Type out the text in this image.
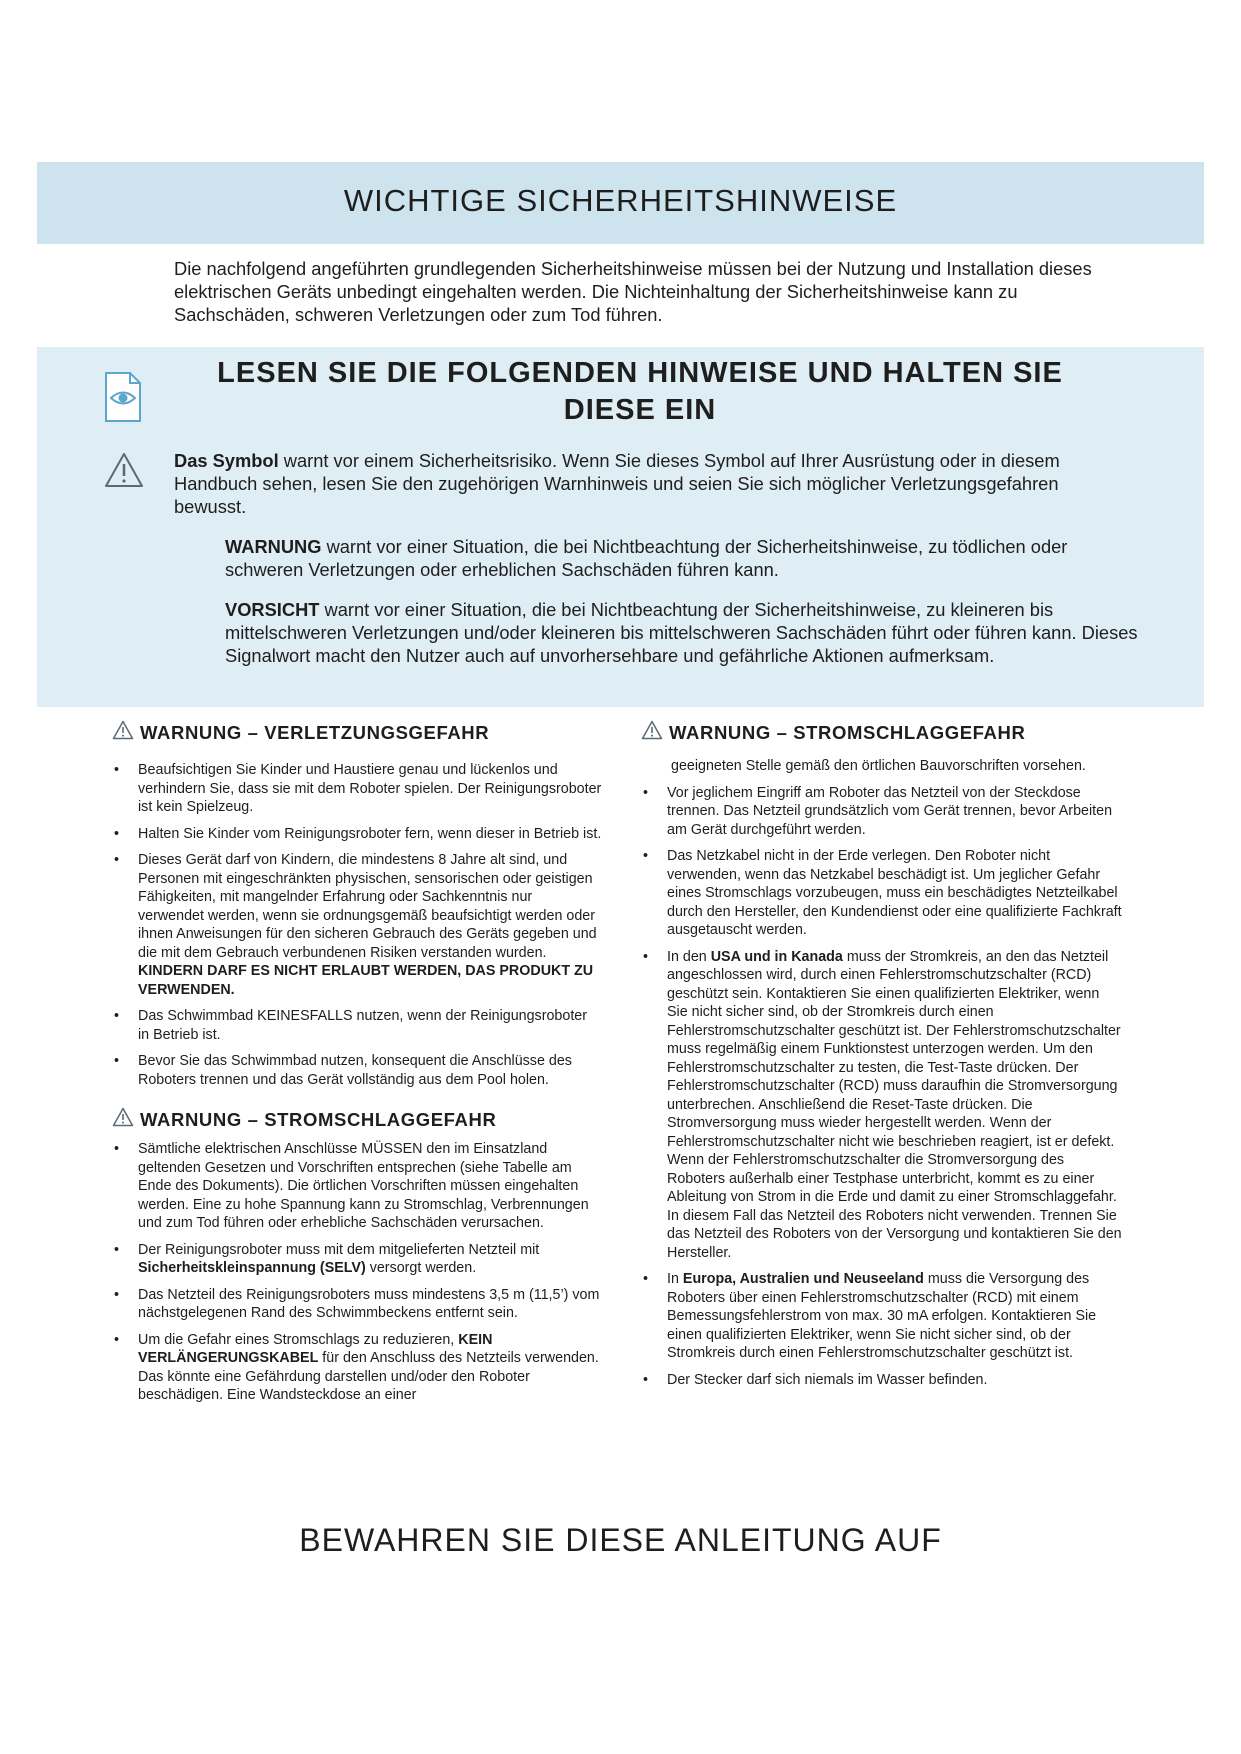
WICHTIGE SICHERHEITSHINWEISE

Die nachfolgend angeführten grundlegenden Sicherheitshinweise müssen bei der Nutzung und Installation dieses elektrischen Geräts unbedingt eingehalten werden. Die Nichteinhaltung der Sicherheitshinweise kann zu Sachschäden, schweren Verletzungen oder zum Tod führen.

LESEN SIE DIE FOLGENDEN HINWEISE UND HALTEN SIE DIESE EIN

Das Symbol warnt vor einem Sicherheitsrisiko. Wenn Sie dieses Symbol auf Ihrer Ausrüstung oder in diesem Handbuch sehen, lesen Sie den zugehörigen Warnhinweis und seien Sie sich möglicher Verletzungsgefahren bewusst.

WARNUNG warnt vor einer Situation, die bei Nichtbeachtung der Sicherheitshinweise, zu tödlichen oder schweren Verletzungen oder erheblichen Sachschäden führen kann.

VORSICHT warnt vor einer Situation, die bei Nichtbeachtung der Sicherheitshinweise, zu kleineren bis mittelschweren Verletzungen und/oder kleineren bis mittelschweren Sachschäden führt oder führen kann. Dieses Signalwort macht den Nutzer auch auf unvorhersehbare und gefährliche Aktionen aufmerksam.

WARNUNG – VERLETZUNGSGEFAHR
• Beaufsichtigen Sie Kinder und Haustiere genau und lückenlos und verhindern Sie, dass sie mit dem Roboter spielen. Der Reinigungsroboter ist kein Spielzeug.
• Halten Sie Kinder vom Reinigungsroboter fern, wenn dieser in Betrieb ist.
• Dieses Gerät darf von Kindern, die mindestens 8 Jahre alt sind, und Personen mit eingeschränkten physischen, sensorischen oder geistigen Fähigkeiten, mit mangelnder Erfahrung oder Sachkenntnis nur verwendet werden, wenn sie ordnungsgemäß beaufsichtigt werden oder ihnen Anweisungen für den sicheren Gebrauch des Geräts gegeben und die mit dem Gebrauch verbundenen Risiken verstanden wurden. KINDERN DARF ES NICHT ERLAUBT WERDEN, DAS PRODUKT ZU VERWENDEN.
• Das Schwimmbad KEINESFALLS nutzen, wenn der Reinigungsroboter in Betrieb ist.
• Bevor Sie das Schwimmbad nutzen, konsequent die Anschlüsse des Roboters trennen und das Gerät vollständig aus dem Pool holen.
WARNUNG – STROMSCHLAGGEFAHR
• Sämtliche elektrischen Anschlüsse MÜSSEN den im Einsatzland geltenden Gesetzen und Vorschriften entsprechen (siehe Tabelle am Ende des Dokuments). Die örtlichen Vorschriften müssen eingehalten werden. Eine zu hohe Spannung kann zu Stromschlag, Verbrennungen und zum Tod führen oder erhebliche Sachschäden verursachen.
• Der Reinigungsroboter muss mit dem mitgelieferten Netzteil mit Sicherheitskleinspannung (SELV) versorgt werden.
• Das Netzteil des Reinigungsroboters muss mindestens 3,5 m (11,5’) vom nächstgelegenen Rand des Schwimmbeckens entfernt sein.
• Um die Gefahr eines Stromschlags zu reduzieren, KEIN VERLÄNGERUNGSKABEL für den Anschluss des Netzteils verwenden. Das könnte eine Gefährdung darstellen und/oder den Roboter beschädigen. Eine Wandsteckdose an einer
WARNUNG – STROMSCHLAGGEFAHR
geeigneten Stelle gemäß den örtlichen Bauvorschriften vorsehen.
• Vor jeglichem Eingriff am Roboter das Netzteil von der Steckdose trennen. Das Netzteil grundsätzlich vom Gerät trennen, bevor Arbeiten am Gerät durchgeführt werden.
• Das Netzkabel nicht in der Erde verlegen. Den Roboter nicht verwenden, wenn das Netzkabel beschädigt ist. Um jeglicher Gefahr eines Stromschlags vorzubeugen, muss ein beschädigtes Netzteilkabel durch den Hersteller, den Kundendienst oder eine qualifizierte Fachkraft ausgetauscht werden.
• In den USA und in Kanada muss der Stromkreis, an den das Netzteil angeschlossen wird, durch einen Fehlerstromschutzschalter (RCD) geschützt sein. Kontaktieren Sie einen qualifizierten Elektriker, wenn Sie nicht sicher sind, ob der Stromkreis durch einen Fehlerstromschutzschalter geschützt ist. Der Fehlerstromschutzschalter muss regelmäßig einem Funktionstest unterzogen werden. Um den Fehlerstromschutzschalter zu testen, die Test-Taste drücken. Der Fehlerstromschutzschalter (RCD) muss daraufhin die Stromversorgung unterbrechen. Anschließend die Reset-Taste drücken. Die Stromversorgung muss wieder hergestellt werden. Wenn der Fehlerstromschutzschalter nicht wie beschrieben reagiert, ist er defekt. Wenn der Fehlerstromschutzschalter die Stromversorgung des Roboters außerhalb einer Testphase unterbricht, kommt es zu einer Ableitung von Strom in die Erde und damit zu einer Stromschlaggefahr. In diesem Fall das Netzteil des Roboters nicht verwenden. Trennen Sie das Netzteil des Roboters von der Versorgung und kontaktieren Sie den Hersteller.
• In Europa, Australien und Neuseeland muss die Versorgung des Roboters über einen Fehlerstromschutzschalter (RCD) mit einem Bemessungsfehlerstrom von max. 30 mA erfolgen. Kontaktieren Sie einen qualifizierten Elektriker, wenn Sie nicht sicher sind, ob der Stromkreis durch einen Fehlerstromschutzschalter geschützt ist.
• Der Stecker darf sich niemals im Wasser befinden.
BEWAHREN SIE DIESE ANLEITUNG AUF
